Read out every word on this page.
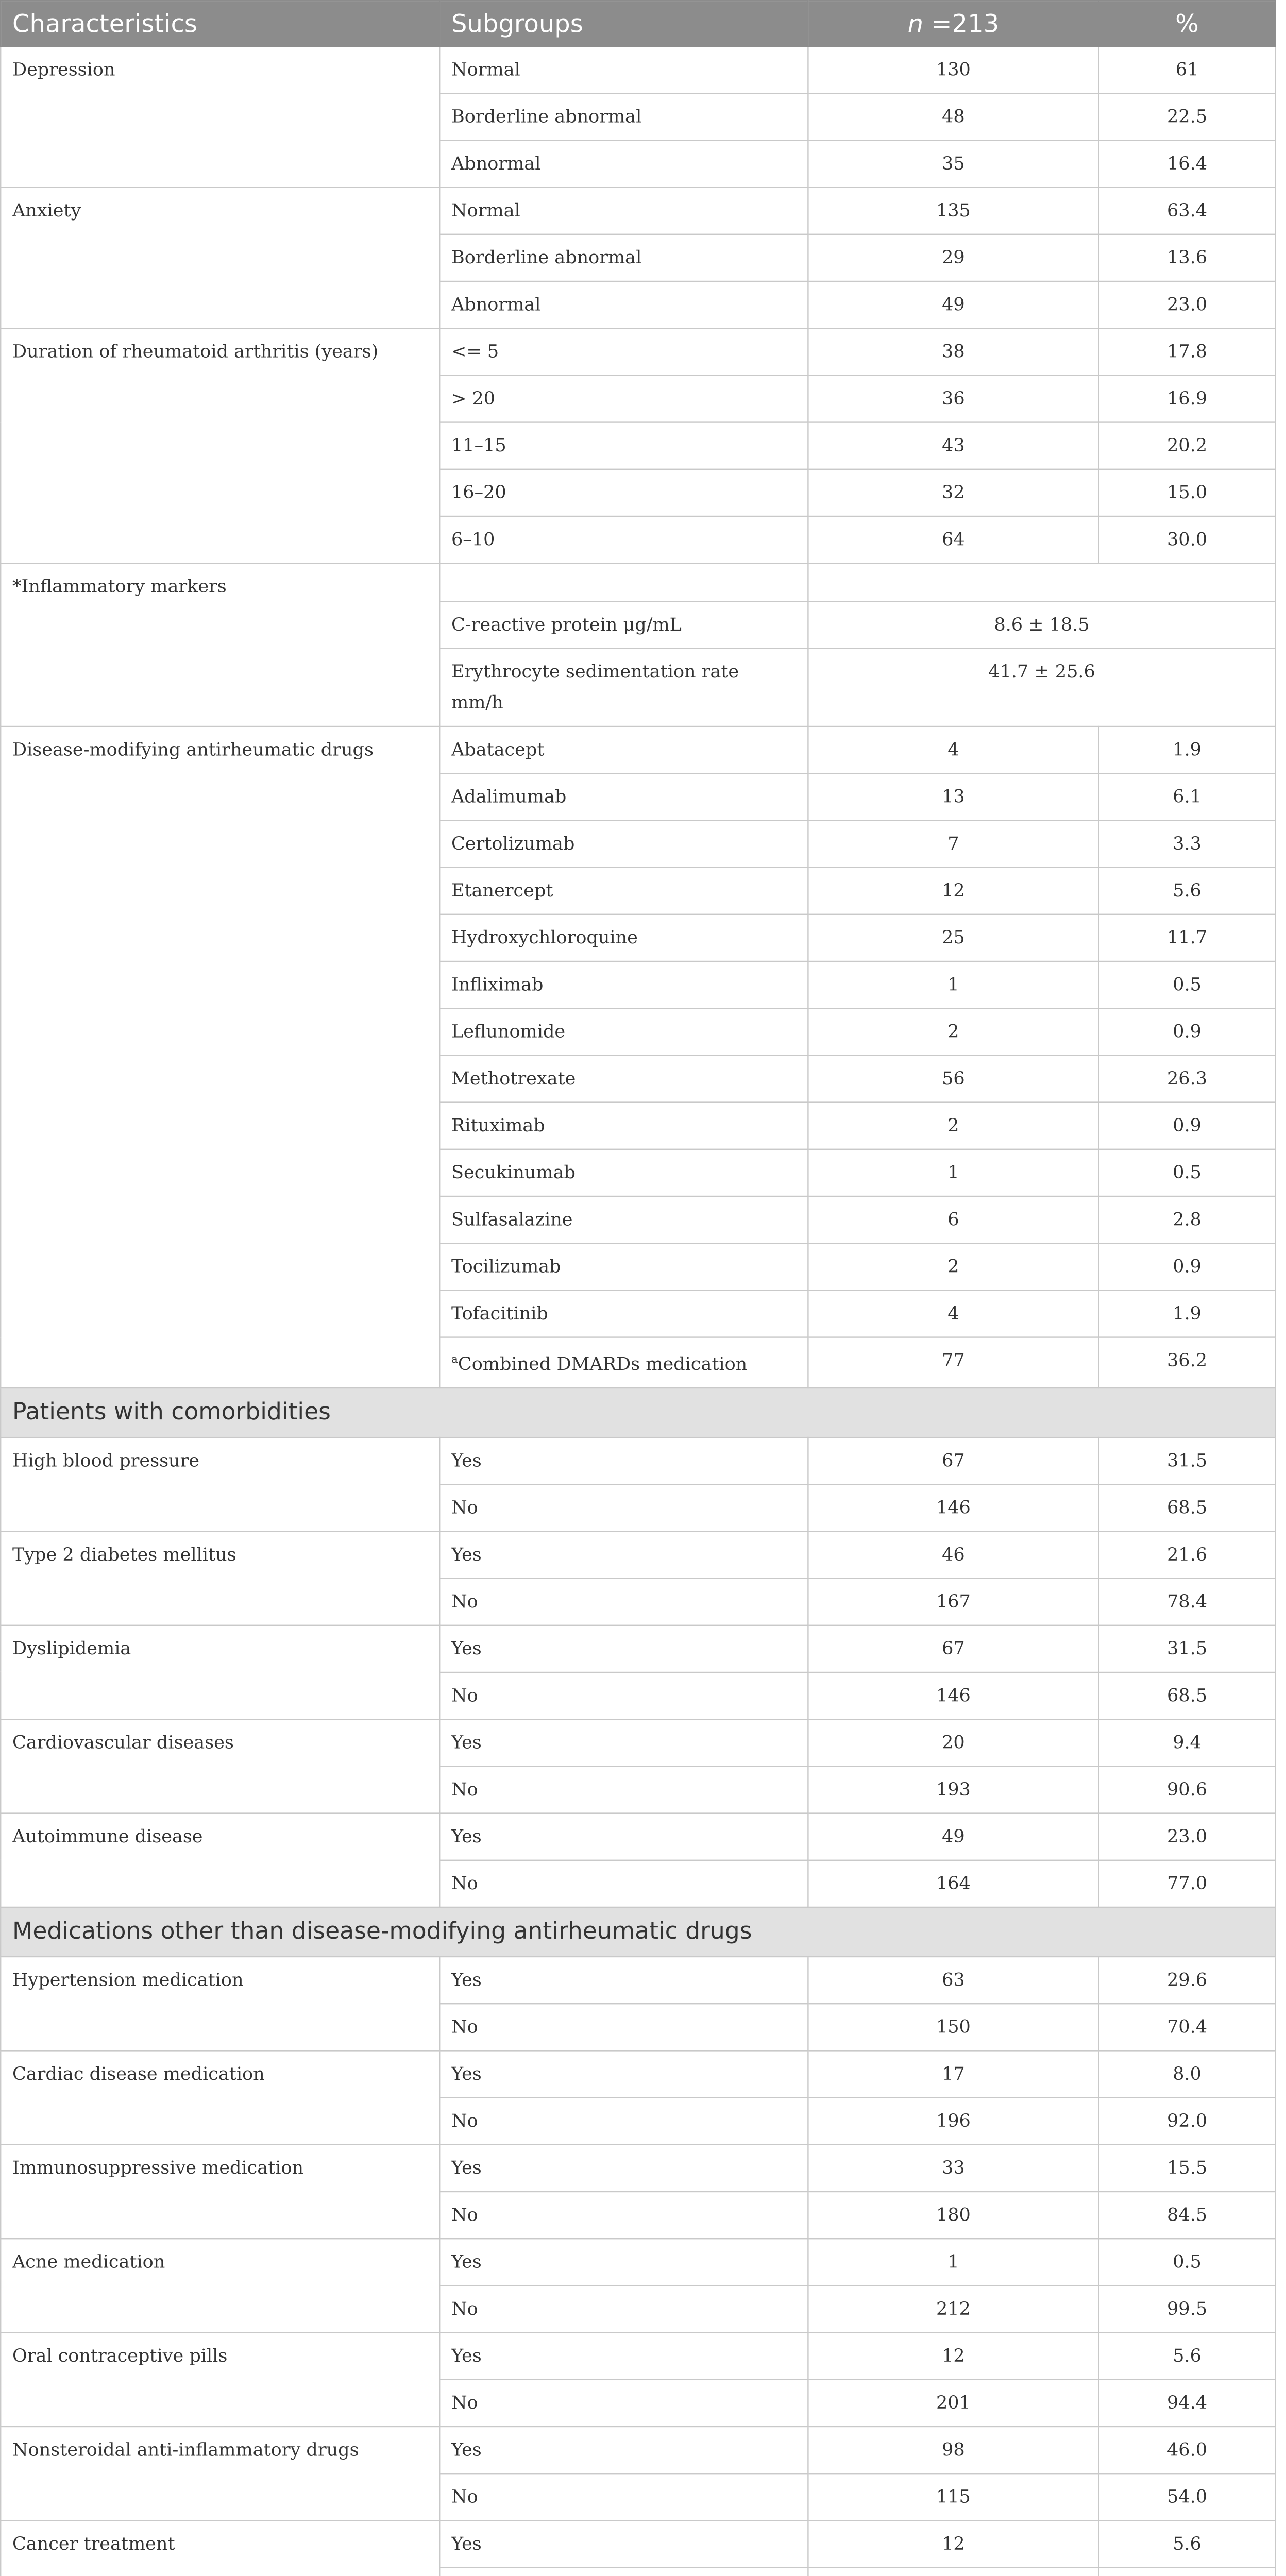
Characteristics	Subgroups	n =213	%
Depression	Normal	130	61
	Borderline abnormal	48	22.5
	Abnormal	35	16.4
Anxiety	Normal	135	63.4
	Borderline abnormal	29	13.6
	Abnormal	49	23.0
Duration of rheumatoid arthritis (years)	<= 5	38	17.8
	> 20	36	16.9
	11–15	43	20.2
	16–20	32	15.0
	6–10	64	30.0
*Inflammatory markers			
	C-reactive protein μg/mL	8.6 ± 18.5	
	Erythrocyte sedimentation rate mm/h	41.7 ± 25.6	
Disease-modifying antirheumatic drugs	Abatacept	4	1.9
	Adalimumab	13	6.1
	Certolizumab	7	3.3
	Etanercept	12	5.6
	Hydroxychloroquine	25	11.7
	Infliximab	1	0.5
	Leflunomide	2	0.9
	Methotrexate	56	26.3
	Rituximab	2	0.9
	Secukinumab	1	0.5
	Sulfasalazine	6	2.8
	Tocilizumab	2	0.9
	Tofacitinib	4	1.9
	$^a$Combined DMARDs medication	77	36.2
Patients with comorbidities			
High blood pressure	Yes	67	31.5
	No	146	68.5
Type 2 diabetes mellitus	Yes	46	21.6
	No	167	78.4
Dyslipidemia	Yes	67	31.5
	No	146	68.5
Cardiovascular diseases	Yes	20	9.4
	No	193	90.6
Autoimmune disease	Yes	49	23.0
	No	164	77.0
Medications other than disease-modifying antirheumatic drugs			
Hypertension medication	Yes	63	29.6
	No	150	70.4
Cardiac disease medication	Yes	17	8.0
	No	196	92.0
Immunosuppressive medication	Yes	33	15.5
	No	180	84.5
Acne medication	Yes	1	0.5
	No	212	99.5
Oral contraceptive pills	Yes	12	5.6
	No	201	94.4
Nonsteroidal anti-inflammatory drugs	Yes	98	46.0
	No	115	54.0
Cancer treatment	Yes	12	5.6
